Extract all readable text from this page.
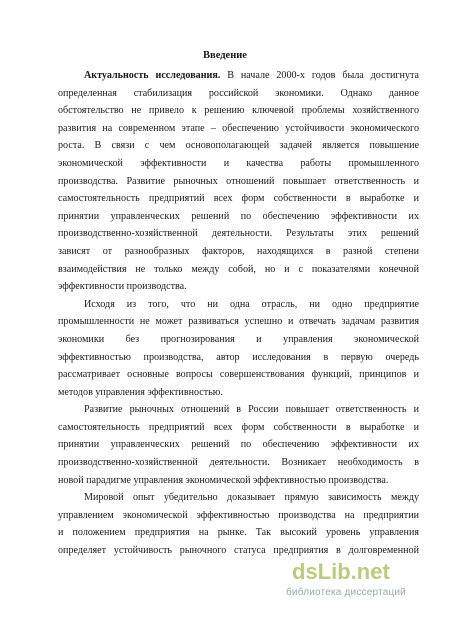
Введение
Актуальность исследования. В начале 2000-х годов была достигнута
определенная стабилизация российской экономики. Однако данное
обстоятельство не привело к решению ключевой проблемы хозяйственного
развития на современном этапе – обеспечению устойчивости экономического
роста. В связи с чем основополагающей задачей является повышение
экономической эффективности и качества работы промышленного
производства. Развитие рыночных отношений повышает ответственность и
самостоятельность предприятий всех форм собственности в выработке и
принятии управленческих решений по обеспечению эффективности их
производственно-хозяйственной деятельности. Результаты этих решений
зависят от разнообразных факторов, находящихся в разной степени
взаимодействия не только между собой, но и с показателями конечной
эффективности производства.
Исходя из того, что ни одна отрасль, ни одно предприятие
промышленности не может развиваться успешно и отвечать задачам развития
экономики без прогнозирования и управления экономической
эффективностью производства, автор исследования в первую очередь
рассматривает основные вопросы совершенствования функций, принципов и
методов управления эффективностью.
Развитие рыночных отношений в России повышает ответственность и
самостоятельность предприятий всех форм собственности в выработке и
принятии управленческих решений по обеспечению эффективности их
производственно-хозяйственной деятельности. Возникает необходимость в
новой парадигме управления экономической эффективностью производства.
Мировой опыт убедительно доказывает прямую зависимость между
управлением экономической эффективностью производства на предприятии
и положением предприятия на рынке. Так высокий уровень управления
определяет устойчивость рыночного статуса предприятия в долговременной
dsLib.net
библиотека диссертаций
